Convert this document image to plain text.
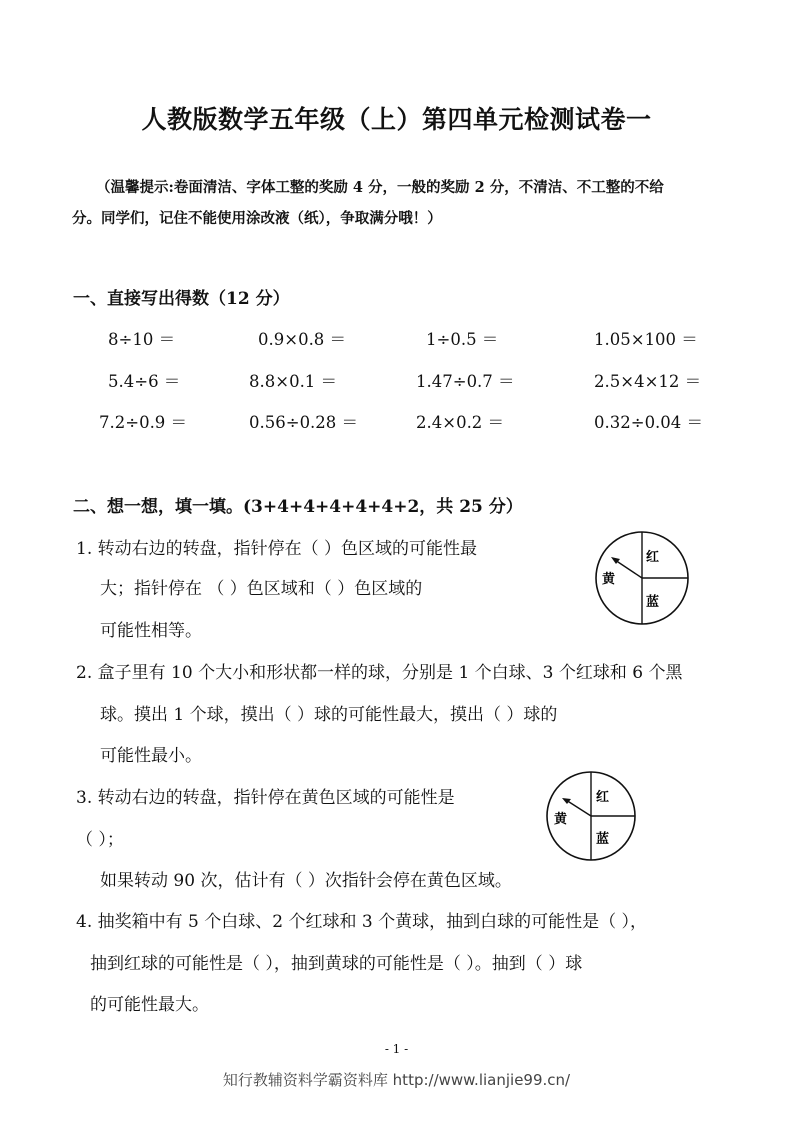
人教版数学五年级（上）第四单元检测试卷一
（温馨提示:卷面清洁、字体工整的奖励 4 分，一般的奖励 2 分，不清洁、不工整的不给
分。同学们，记住不能使用涂改液（纸），争取满分哦！）
一、直接写出得数（12 分）
8÷10 ＝	0.9×0.8 ＝	1÷0.5 ＝	1.05×100 ＝
5.4÷6 ＝	8.8×0.1 ＝	1.47÷0.7 ＝	2.5×4×12 ＝
7.2÷0.9 ＝	0.56÷0.28 ＝	2.4×0.2 ＝	0.32÷0.04 ＝
二、想一想，填一填。(3+4+4+4+4+4+2，共 25 分）
1. 转动右边的转盘，指针停在（ ）色区域的可能性最
大；指针停在 （ ）色区域和（ ）色区域的
可能性相等。
红
黄
蓝
2. 盒子里有 10 个大小和形状都一样的球，分别是 1 个白球、3 个红球和 6 个黑
球。摸出 1 个球，摸出（ ）球的可能性最大，摸出（ ）球的
可能性最小。
3. 转动右边的转盘，指针停在黄色区域的可能性是
（ ）；
如果转动 90 次，估计有（ ）次指针会停在黄色区域。
红
黄
蓝
4. 抽奖箱中有 5 个白球、2 个红球和 3 个黄球，抽到白球的可能性是（ ），
抽到红球的可能性是（ ），抽到黄球的可能性是（ ）。抽到（ ）球
的可能性最大。
- 1 -
知行教辅资料学霸资料库 http://www.lianjie99.cn/
